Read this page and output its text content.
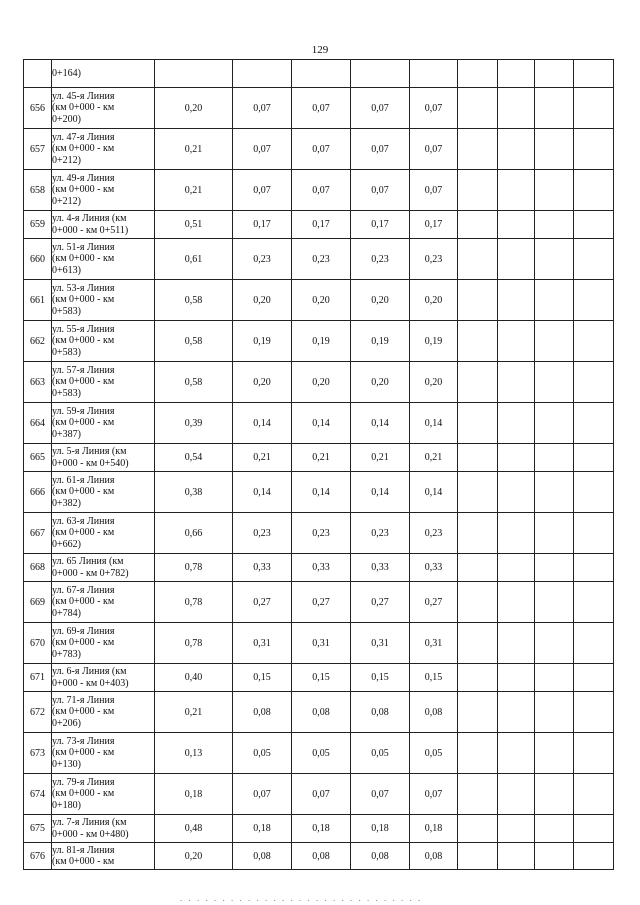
129

	0+164)									

656	ул. 45-я Линия
(км 0+000 - км
0+200)	0,20	0,07	0,07	0,07	0,07				
657	ул. 47-я Линия
(км 0+000 - км
0+212)	0,21	0,07	0,07	0,07	0,07				
658	ул. 49-я Линия
(км 0+000 - км
0+212)	0,21	0,07	0,07	0,07	0,07				
659	ул. 4-я Линия (км
0+000 - км 0+511)	0,51	0,17	0,17	0,17	0,17				
660	ул. 51-я Линия
(км 0+000 - км
0+613)	0,61	0,23	0,23	0,23	0,23				
661	ул. 53-я Линия
(км 0+000 - км
0+583)	0,58	0,20	0,20	0,20	0,20				
662	ул. 55-я Линия
(км 0+000 - км
0+583)	0,58	0,19	0,19	0,19	0,19				
663	ул. 57-я Линия
(км 0+000 - км
0+583)	0,58	0,20	0,20	0,20	0,20				
664	ул. 59-я Линия
(км 0+000 - км
0+387)	0,39	0,14	0,14	0,14	0,14				
665	ул. 5-я Линия (км
0+000 - км 0+540)	0,54	0,21	0,21	0,21	0,21				
666	ул. 61-я Линия
(км 0+000 - км
0+382)	0,38	0,14	0,14	0,14	0,14				
667	ул. 63-я Линия
(км 0+000 - км
0+662)	0,66	0,23	0,23	0,23	0,23				
668	ул. 65 Линия (км
0+000 - км 0+782)	0,78	0,33	0,33	0,33	0,33				
669	ул. 67-я Линия
(км 0+000 - км
0+784)	0,78	0,27	0,27	0,27	0,27				
670	ул. 69-я Линия
(км 0+000 - км
0+783)	0,78	0,31	0,31	0,31	0,31				
671	ул. 6-я Линия (км
0+000 - км 0+403)	0,40	0,15	0,15	0,15	0,15				
672	ул. 71-я Линия
(км 0+000 - км
0+206)	0,21	0,08	0,08	0,08	0,08				
673	ул. 73-я Линия
(км 0+000 - км
0+130)	0,13	0,05	0,05	0,05	0,05				
674	ул. 79-я Линия
(км 0+000 - км
0+180)	0,18	0,07	0,07	0,07	0,07				
675	ул. 7-я Линия (км
0+000 - км 0+480)	0,48	0,18	0,18	0,18	0,18				
676	ул. 81-я Линия
(км 0+000 - км	0,20	0,08	0,08	0,08	0,08				
. . . . . . . . . . . . . . . . . . . . . . . . . . . . .
